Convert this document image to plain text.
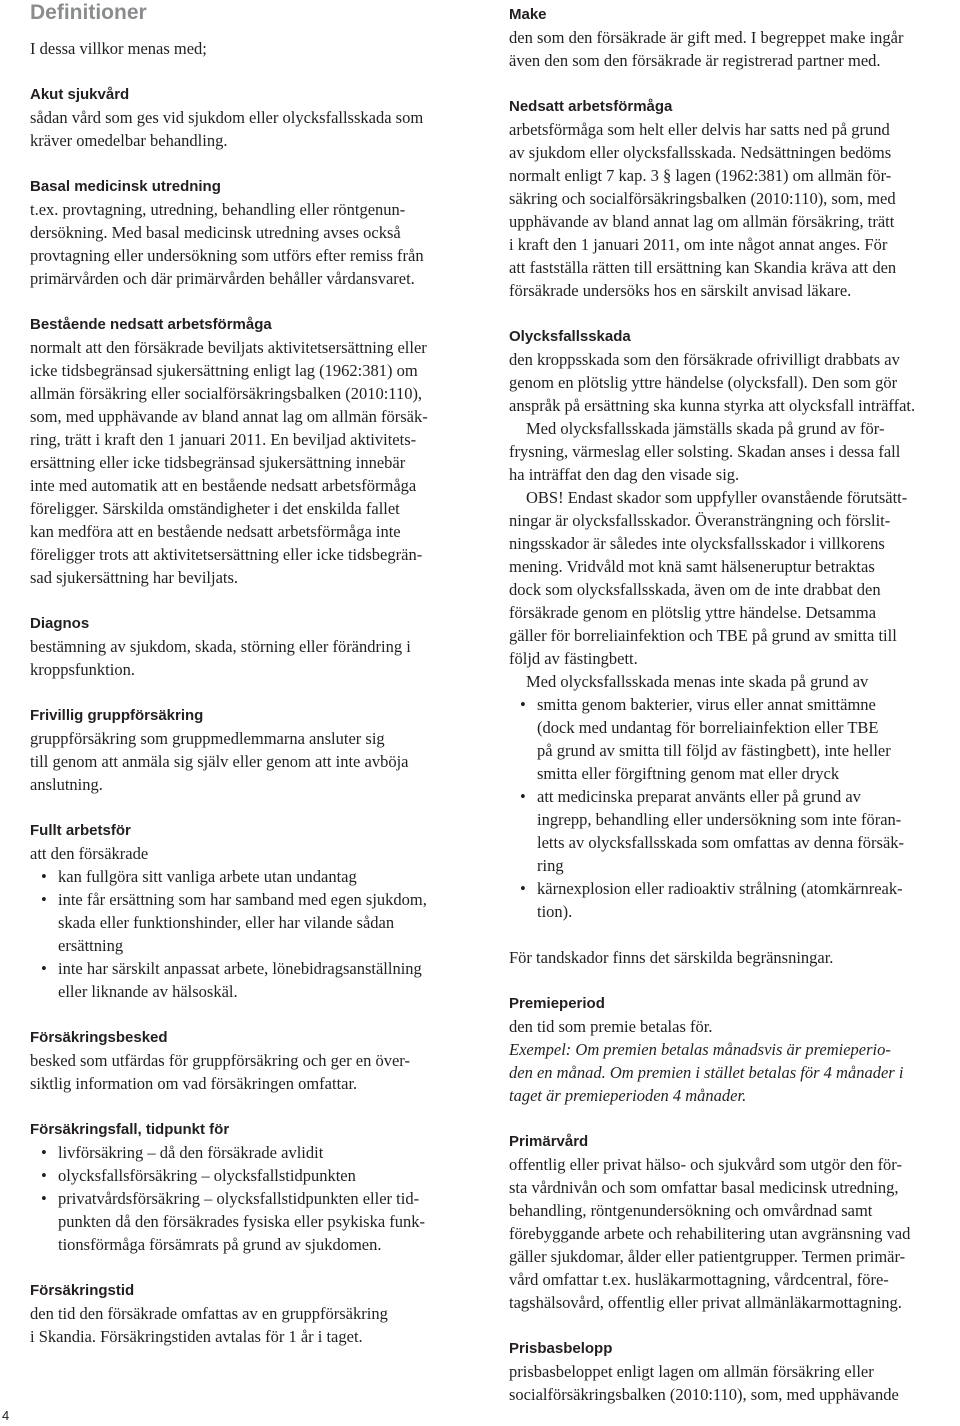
Definitioner
I dessa villkor menas med;
Akut sjukvård
sådan vård som ges vid sjukdom eller olycksfallsskada som
kräver omedelbar behandling.
Basal medicinsk utredning
t.ex. provtagning, utredning, behandling eller röntgenun-
dersökning. Med basal medicinsk utredning avses också
provtagning eller undersökning som utförs efter remiss från
primärvården och där primärvården behåller vårdansvaret.
Bestående nedsatt arbetsförmåga
normalt att den försäkrade beviljats aktivitetsersättning eller
icke tidsbegränsad sjukersättning enligt lag (1962:381) om
allmän försäkring eller socialförsäkringsbalken (2010:110),
som, med upphävande av bland annat lag om allmän försäk-
ring, trätt i kraft den 1 januari 2011. En beviljad aktivitets-
ersättning eller icke tidsbegränsad sjukersättning innebär
inte med automatik att en bestående nedsatt arbetsförmåga
föreligger. Särskilda omständigheter i det enskilda fallet
kan medföra att en bestående nedsatt arbetsförmåga inte
föreligger trots att aktivitetsersättning eller icke tidsbegrän-
sad sjukersättning har beviljats.
Diagnos
bestämning av sjukdom, skada, störning eller förändring i
kroppsfunktion.
Frivillig gruppförsäkring
gruppförsäkring som gruppmedlemmarna ansluter sig
till genom att anmäla sig själv eller genom att inte avböja
anslutning.
Fullt arbetsför
att den försäkrade
• kan fullgöra sitt vanliga arbete utan undantag
• inte får ersättning som har samband med egen sjukdom,
skada eller funktionshinder, eller har vilande sådan
ersättning
• inte har särskilt anpassat arbete, lönebidragsanställning
eller liknande av hälsoskäl.
Försäkringsbesked
besked som utfärdas för gruppförsäkring och ger en över-
siktlig information om vad försäkringen omfattar.
Försäkringsfall, tidpunkt för
• livförsäkring – då den försäkrade avlidit
• olycksfallsförsäkring – olycksfallstidpunkten
• privatvårdsförsäkring – olycksfallstidpunkten eller tid-
punkten då den försäkrades fysiska eller psykiska funk-
tionsförmåga försämrats på grund av sjukdomen.
Försäkringstid
den tid den försäkrade omfattas av en gruppförsäkring
i Skandia. Försäkringstiden avtalas för 1 år i taget.
Make
den som den försäkrade är gift med. I begreppet make ingår
även den som den försäkrade är registrerad partner med.
Nedsatt arbetsförmåga
arbetsförmåga som helt eller delvis har satts ned på grund
av sjukdom eller olycksfallsskada. Nedsättningen bedöms
normalt enligt 7 kap. 3 § lagen (1962:381) om allmän för-
säkring och socialförsäkringsbalken (2010:110), som, med
upphävande av bland annat lag om allmän försäkring, trätt
i kraft den 1 januari 2011, om inte något annat anges. För
att fastställa rätten till ersättning kan Skandia kräva att den
försäkrade undersöks hos en särskilt anvisad läkare.
Olycksfallsskada

den kroppsskada som den försäkrade ofrivilligt drabbats av
genom en plötslig yttre händelse (olycksfall). Den som gör
anspråk på ersättning ska kunna styrka att olycksfall inträffat.

Med olycksfallsskada jämställs skada på grund av för-
frysning, värmeslag eller solsting. Skadan anses i dessa fall
ha inträffat den dag den visade sig.

OBS! Endast skador som uppfyller ovanstående förutsätt-
ningar är olycksfallsskador. Överansträngning och förslit-
ningsskador är således inte olycksfallsskador i villkorens
mening. Vridvåld mot knä samt hälseneruptur betraktas
dock som olycksfallsskada, även om de inte drabbat den
försäkrade genom en plötslig yttre händelse. Detsamma
gäller för borreliainfektion och TBE på grund av smitta till
följd av fästingbett.

Med olycksfallsskada menas inte skada på grund av

• smitta genom bakterier, virus eller annat smittämne
(dock med undantag för borreliainfektion eller TBE
på grund av smitta till följd av fästingbett), inte heller
smitta eller förgiftning genom mat eller dryck
• att medicinska preparat använts eller på grund av
ingrepp, behandling eller undersökning som inte föran-
letts av olycksfallsskada som omfattas av denna försäk-
ring
• kärnexplosion eller radioaktiv strålning (atomkärnreak-
tion).
För tandskador finns det särskilda begränsningar.
Premieperiod
den tid som premie betalas för.
Exempel: Om premien betalas månadsvis är premieperio-
den en månad. Om premien i stället betalas för 4 månader i
taget är premieperioden 4 månader.
Primärvård
offentlig eller privat hälso- och sjukvård som utgör den för-
sta vårdnivån och som omfattar basal medicinsk utredning,
behandling, röntgenundersökning och omvårdnad samt
förebyggande arbete och rehabilitering utan avgränsning vad
gäller sjukdomar, ålder eller patientgrupper. Termen primär-
vård omfattar t.ex. husläkarmottagning, vårdcentral, före-
tagshälsovård, offentlig eller privat allmänläkarmottagning.
Prisbasbelopp
prisbasbeloppet enligt lagen om allmän försäkring eller
socialförsäkringsbalken (2010:110), som, med upphävande
4
